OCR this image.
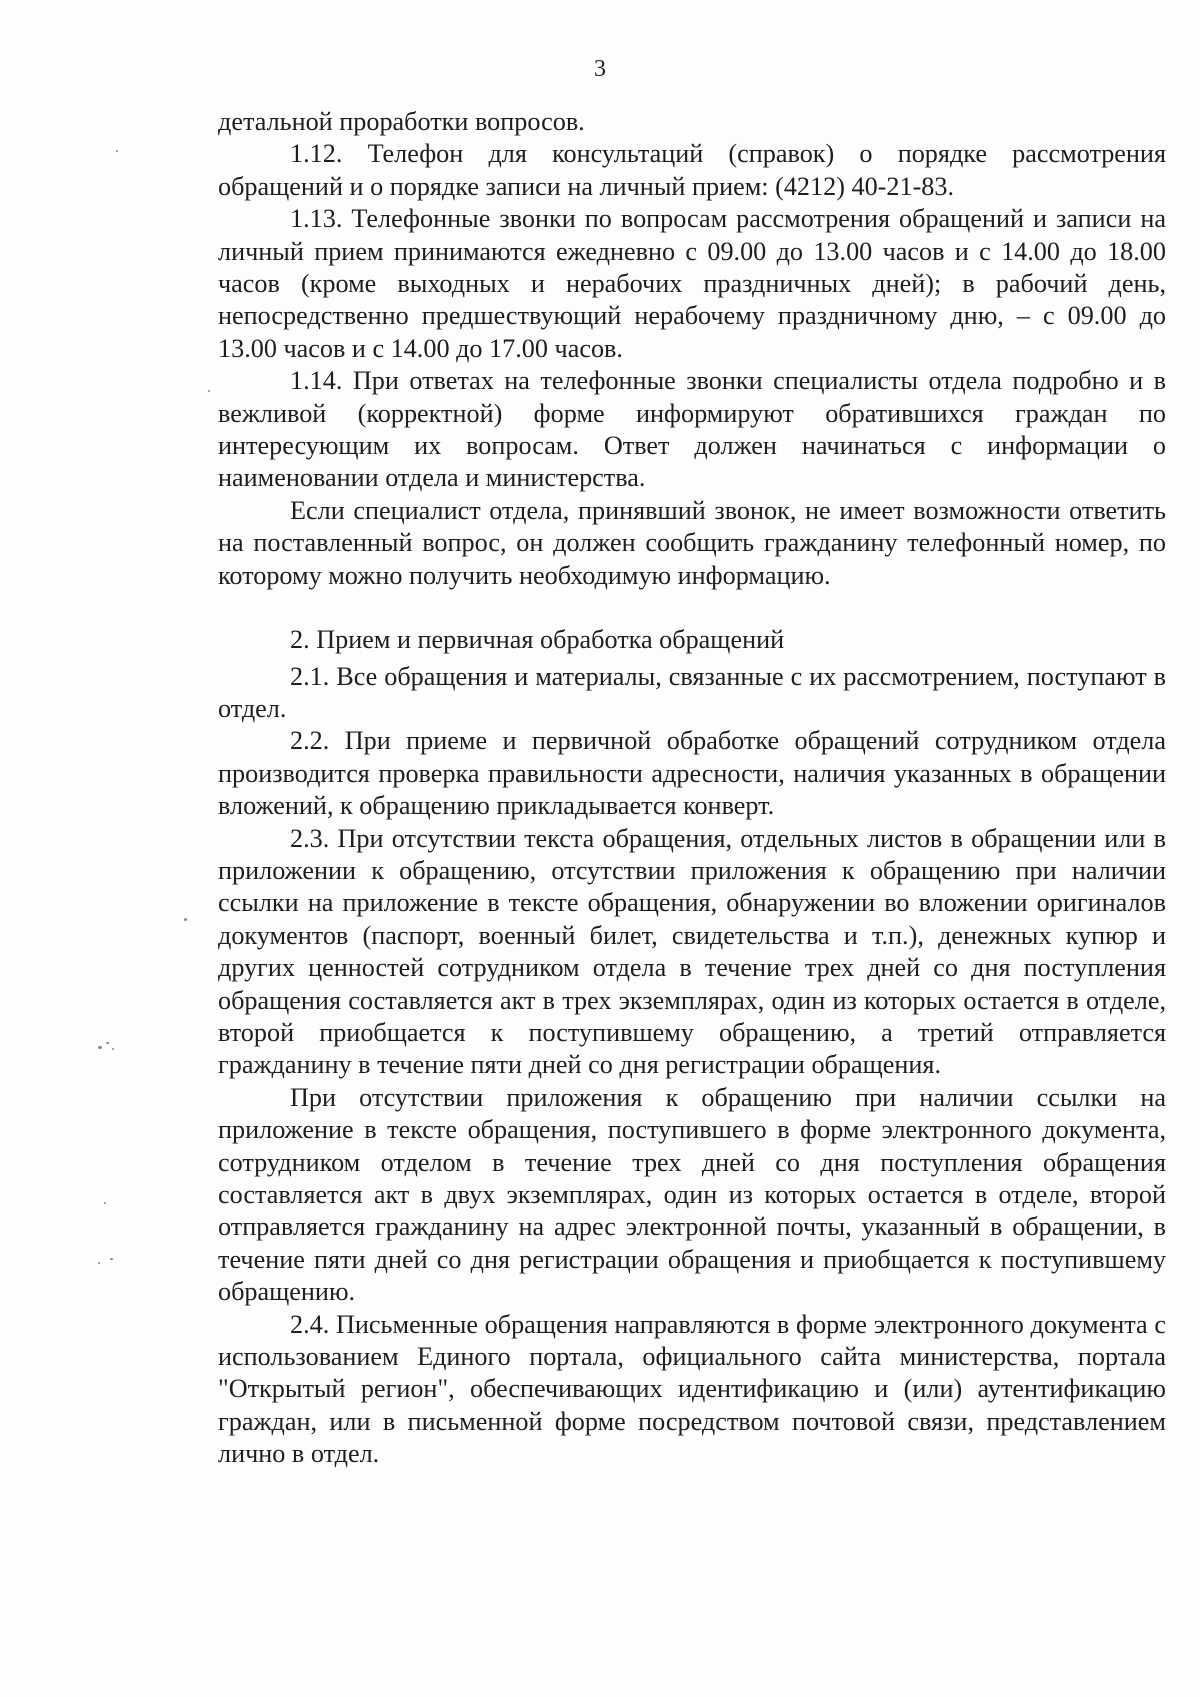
3

детальной проработки вопросов.

1.12. Телефон для консультаций (справок) о порядке рассмотрения обращений и о порядке записи на личный прием: (4212) 40-21-83.

1.13. Телефонные звонки по вопросам рассмотрения обращений и записи на личный прием принимаются ежедневно с 09.00 до 13.00 часов и с 14.00 до 18.00 часов (кроме выходных и нерабочих праздничных дней); в рабочий день, непосредственно предшествующий нерабочему праздничному дню, – с 09.00 до 13.00 часов и с 14.00 до 17.00 часов.

1.14. При ответах на телефонные звонки специалисты отдела подробно и в вежливой (корректной) форме информируют обратившихся граждан по интересующим их вопросам. Ответ должен начинаться с информации о наименовании отдела и министерства.

Если специалист отдела, принявший звонок, не имеет возможности ответить на поставленный вопрос, он должен сообщить гражданину телефонный номер, по которому можно получить необходимую информацию.

2. Прием и первичная обработка обращений

2.1. Все обращения и материалы, связанные с их рассмотрением, поступают в отдел.

2.2. При приеме и первичной обработке обращений сотрудником отдела производится проверка правильности адресности, наличия указанных в обращении вложений, к обращению прикладывается конверт.

2.3. При отсутствии текста обращения, отдельных листов в обращении или в приложении к обращению, отсутствии приложения к обращению при наличии ссылки на приложение в тексте обращения, обнаружении во вложении оригиналов документов (паспорт, военный билет, свидетельства и т.п.), денежных купюр и других ценностей сотрудником отдела в течение трех дней со дня поступления обращения составляется акт в трех экземплярах, один из которых остается в отделе, второй приобщается к поступившему обращению, а третий отправляется гражданину в течение пяти дней со дня регистрации обращения.

При отсутствии приложения к обращению при наличии ссылки на приложение в тексте обращения, поступившего в форме электронного документа, сотрудником отделом в течение трех дней со дня поступления обращения составляется акт в двух экземплярах, один из которых остается в отделе, второй отправляется гражданину на адрес электронной почты, указанный в обращении, в течение пяти дней со дня регистрации обращения и приобщается к поступившему обращению.

2.4. Письменные обращения направляются в форме электронного документа с использованием Единого портала, официального сайта министерства, портала "Открытый регион", обеспечивающих идентификацию и (или) аутентификацию граждан, или в письменной форме посредством почтовой связи, представлением лично в отдел.
